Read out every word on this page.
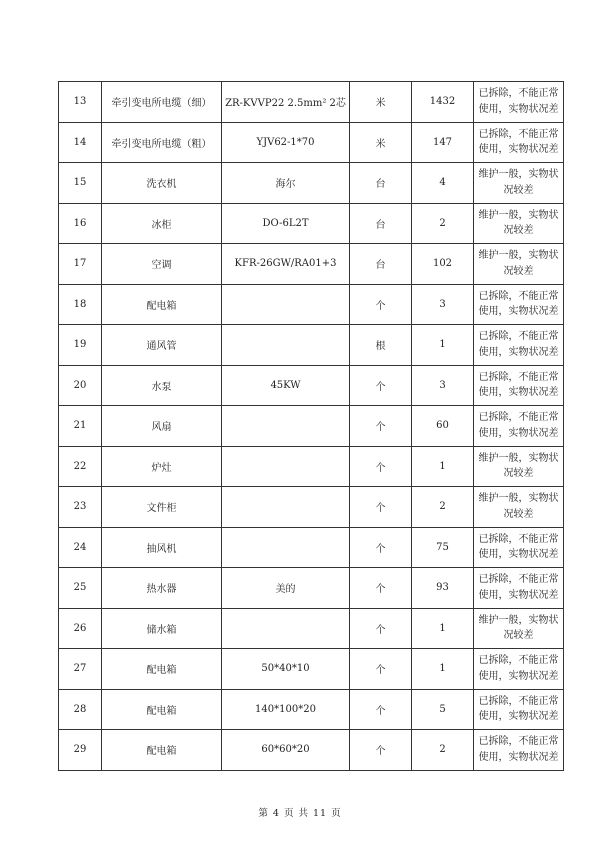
13	牵引变电所电缆（细）	ZR-KVVP22 2.5mm² 2芯	米	1432	已拆除，不能正常使用，实物状况差
14	牵引变电所电缆（粗）	YJV62-1*70	米	147	已拆除，不能正常使用，实物状况差
15	洗衣机	海尔	台	4	维护一般，实物状况较差
16	冰柜	DO-6L2T	台	2	维护一般，实物状况较差
17	空调	KFR-26GW/RA01+3	台	102	维护一般，实物状况较差
18	配电箱		个	3	已拆除，不能正常使用，实物状况差
19	通风管		根	1	已拆除，不能正常使用，实物状况差
20	水泵	45KW	个	3	已拆除，不能正常使用，实物状况差
21	风扇		个	60	已拆除，不能正常使用，实物状况差
22	炉灶		个	1	维护一般，实物状况较差
23	文件柜		个	2	维护一般，实物状况较差
24	抽风机		个	75	已拆除，不能正常使用，实物状况差
25	热水器	美的	个	93	已拆除，不能正常使用，实物状况差
26	储水箱		个	1	维护一般，实物状况较差
27	配电箱	50*40*10	个	1	已拆除，不能正常使用，实物状况差
28	配电箱	140*100*20	个	5	已拆除，不能正常使用，实物状况差
29	配电箱	60*60*20	个	2	已拆除，不能正常使用，实物状况差
第 4 页 共 11 页
